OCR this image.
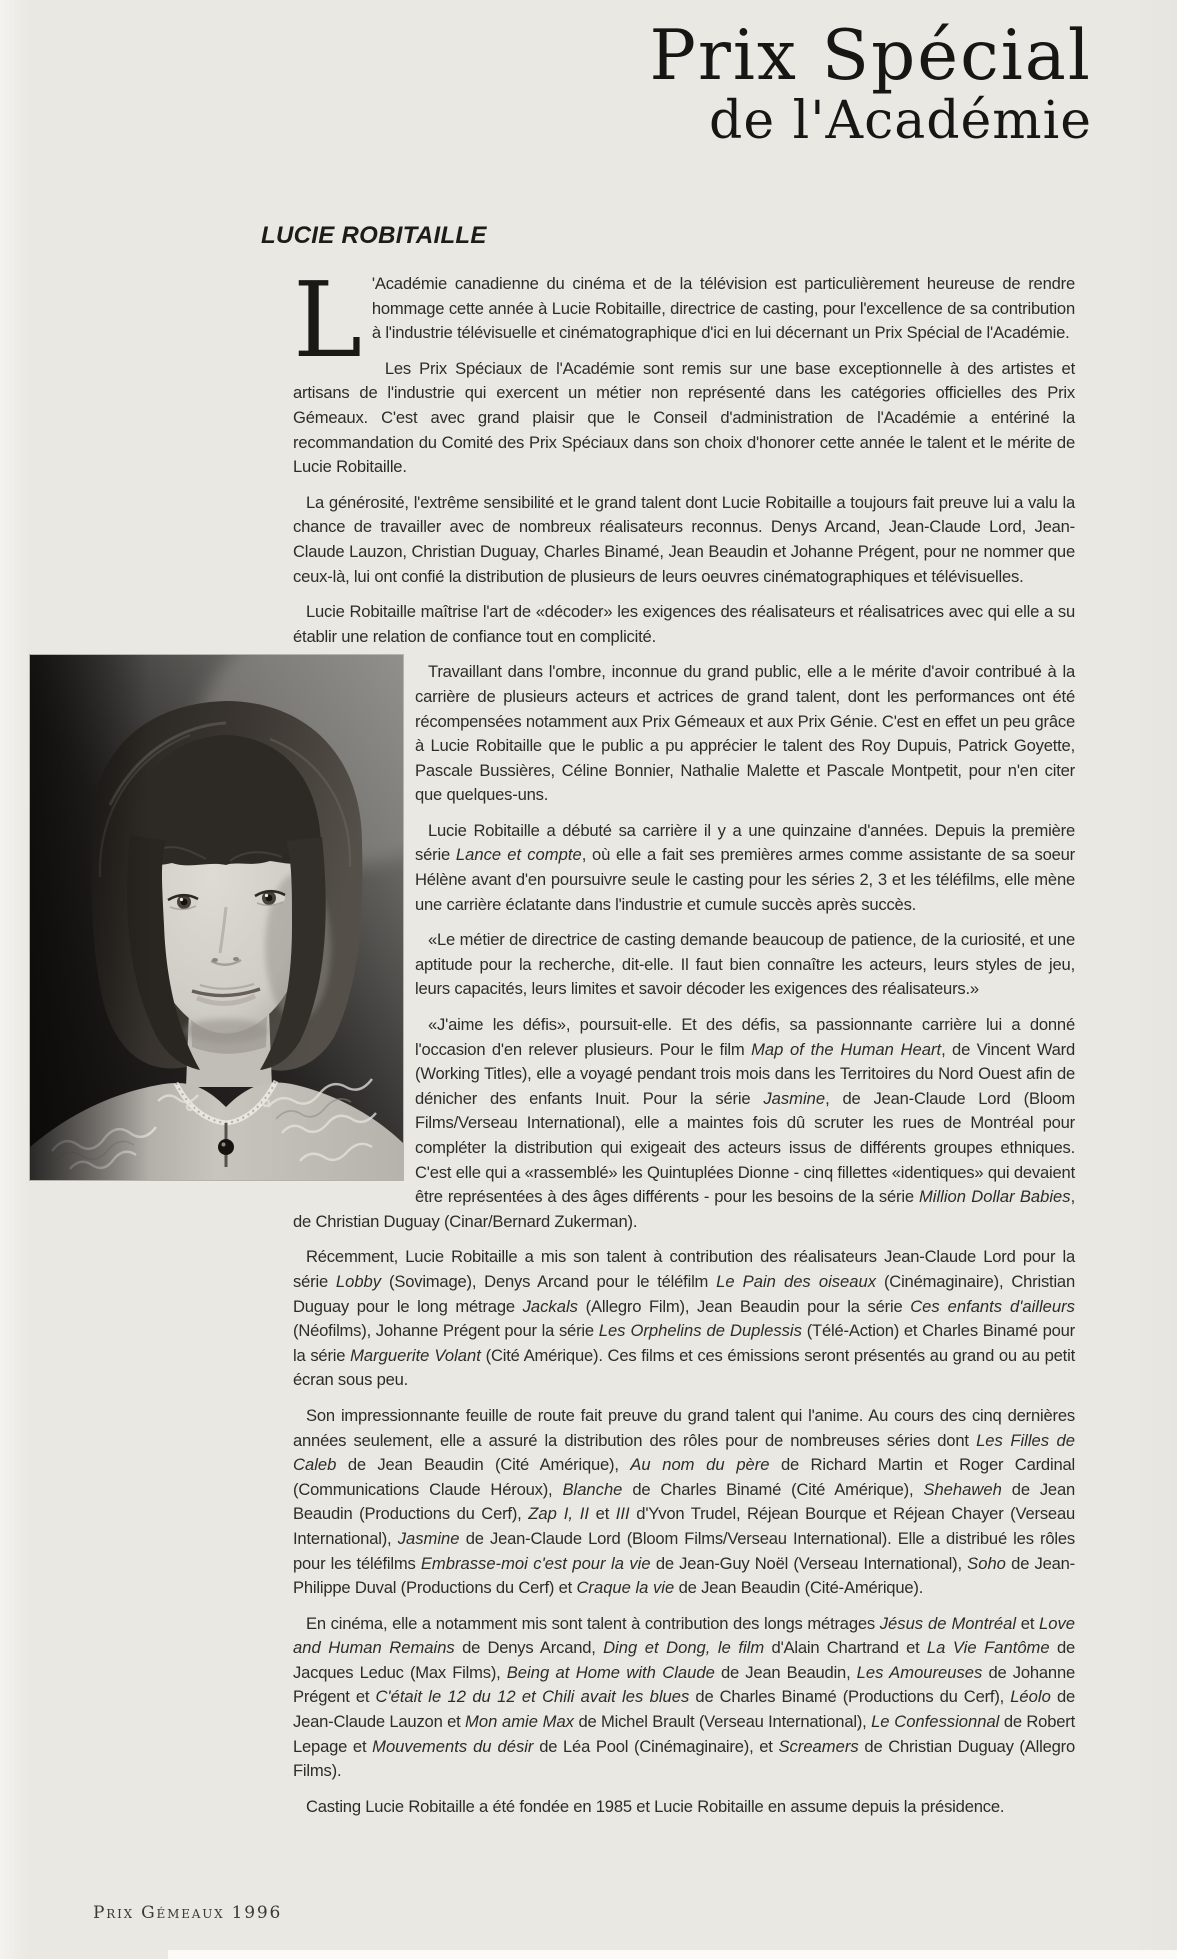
Prix Spécial
de l'Académie
LUCIE ROBITAILLE

L 'Académie canadienne du cinéma et de la télévision est particulièrement heureuse de rendre hommage cette année à Lucie Robitaille, directrice de casting, pour l'excellence de sa contribution à l'industrie télévisuelle et cinématographique d'ici en lui décernant un Prix Spécial de l'Académie.

Les Prix Spéciaux de l'Académie sont remis sur une base exceptionnelle à des artistes et artisans de l'industrie qui exercent un métier non représenté dans les catégories officielles des Prix Gémeaux. C'est avec grand plaisir que le Conseil d'administration de l'Académie a entériné la recommandation du Comité des Prix Spéciaux dans son choix d'honorer cette année le talent et le mérite de Lucie Robitaille.

La générosité, l'extrême sensibilité et le grand talent dont Lucie Robitaille a toujours fait preuve lui a valu la chance de travailler avec de nombreux réalisateurs reconnus. Denys Arcand, Jean-Claude Lord, Jean-Claude Lauzon, Christian Duguay, Charles Binamé, Jean Beaudin et Johanne Prégent, pour ne nommer que ceux-là, lui ont confié la distribution de plusieurs de leurs oeuvres cinématographiques et télévisuelles.

Lucie Robitaille maîtrise l'art de «décoder» les exigences des réalisateurs et réalisatrices avec qui elle a su établir une relation de confiance tout en complicité.

Travaillant dans l'ombre, inconnue du grand public, elle a le mérite d'avoir contribué à la carrière de plusieurs acteurs et actrices de grand talent, dont les performances ont été récompensées notamment aux Prix Gémeaux et aux Prix Génie. C'est en effet un peu grâce à Lucie Robitaille que le public a pu apprécier le talent des Roy Dupuis, Patrick Goyette, Pascale Bussières, Céline Bonnier, Nathalie Malette et Pascale Montpetit, pour n'en citer que quelques-uns.

Lucie Robitaille a débuté sa carrière il y a une quinzaine d'années. Depuis la première série Lance et compte, où elle a fait ses premières armes comme assistante de sa soeur Hélène avant d'en poursuivre seule le casting pour les séries 2, 3 et les téléfilms, elle mène une carrière éclatante dans l'industrie et cumule succès après succès.

«Le métier de directrice de casting demande beaucoup de patience, de la curiosité, et une aptitude pour la recherche, dit-elle. Il faut bien connaître les acteurs, leurs styles de jeu, leurs capacités, leurs limites et savoir décoder les exigences des réalisateurs.»

«J'aime les défis», poursuit-elle. Et des défis, sa passionnante carrière lui a donné l'occasion d'en relever plusieurs. Pour le film Map of the Human Heart, de Vincent Ward (Working Titles), elle a voyagé pendant trois mois dans les Territoires du Nord Ouest afin de dénicher des enfants Inuit. Pour la série Jasmine, de Jean-Claude Lord (Bloom Films/Verseau International), elle a maintes fois dû scruter les rues de Montréal pour compléter la distribution qui exigeait des acteurs issus de différents groupes ethniques. C'est elle qui a «rassemblé» les Quintuplées Dionne - cinq fillettes «identiques» qui devaient être représentées à des âges différents - pour les besoins de la série Million Dollar Babies, de Christian Duguay (Cinar/Bernard Zukerman).

Récemment, Lucie Robitaille a mis son talent à contribution des réalisateurs Jean-Claude Lord pour la série Lobby (Sovimage), Denys Arcand pour le téléfilm Le Pain des oiseaux (Cinémaginaire), Christian Duguay pour le long métrage Jackals (Allegro Film), Jean Beaudin pour la série Ces enfants d'ailleurs (Néofilms), Johanne Prégent pour la série Les Orphelins de Duplessis (Télé-Action) et Charles Binamé pour la série Marguerite Volant (Cité Amérique). Ces films et ces émissions seront présentés au grand ou au petit écran sous peu.

Son impressionnante feuille de route fait preuve du grand talent qui l'anime. Au cours des cinq dernières années seulement, elle a assuré la distribution des rôles pour de nombreuses séries dont Les Filles de Caleb de Jean Beaudin (Cité Amérique), Au nom du père de Richard Martin et Roger Cardinal (Communications Claude Héroux), Blanche de Charles Binamé (Cité Amérique), Shehaweh de Jean Beaudin (Productions du Cerf), Zap I, II et III d'Yvon Trudel, Réjean Bourque et Réjean Chayer (Verseau International), Jasmine de Jean-Claude Lord (Bloom Films/Verseau International). Elle a distribué les rôles pour les téléfilms Embrasse-moi c'est pour la vie de Jean-Guy Noël (Verseau International), Soho de Jean-Philippe Duval (Productions du Cerf) et Craque la vie de Jean Beaudin (Cité-Amérique).

En cinéma, elle a notamment mis sont talent à contribution des longs métrages Jésus de Montréal et Love and Human Remains de Denys Arcand, Ding et Dong, le film d'Alain Chartrand et La Vie Fantôme de Jacques Leduc (Max Films), Being at Home with Claude de Jean Beaudin, Les Amoureuses de Johanne Prégent et C'était le 12 du 12 et Chili avait les blues de Charles Binamé (Productions du Cerf), Léolo de Jean-Claude Lauzon et Mon amie Max de Michel Brault (Verseau International), Le Confessionnal de Robert Lepage et Mouvements du désir de Léa Pool (Cinémaginaire), et Screamers de Christian Duguay (Allegro Films).

Casting Lucie Robitaille a été fondée en 1985 et Lucie Robitaille en assume depuis la présidence.

Prix Gémeaux 1996
